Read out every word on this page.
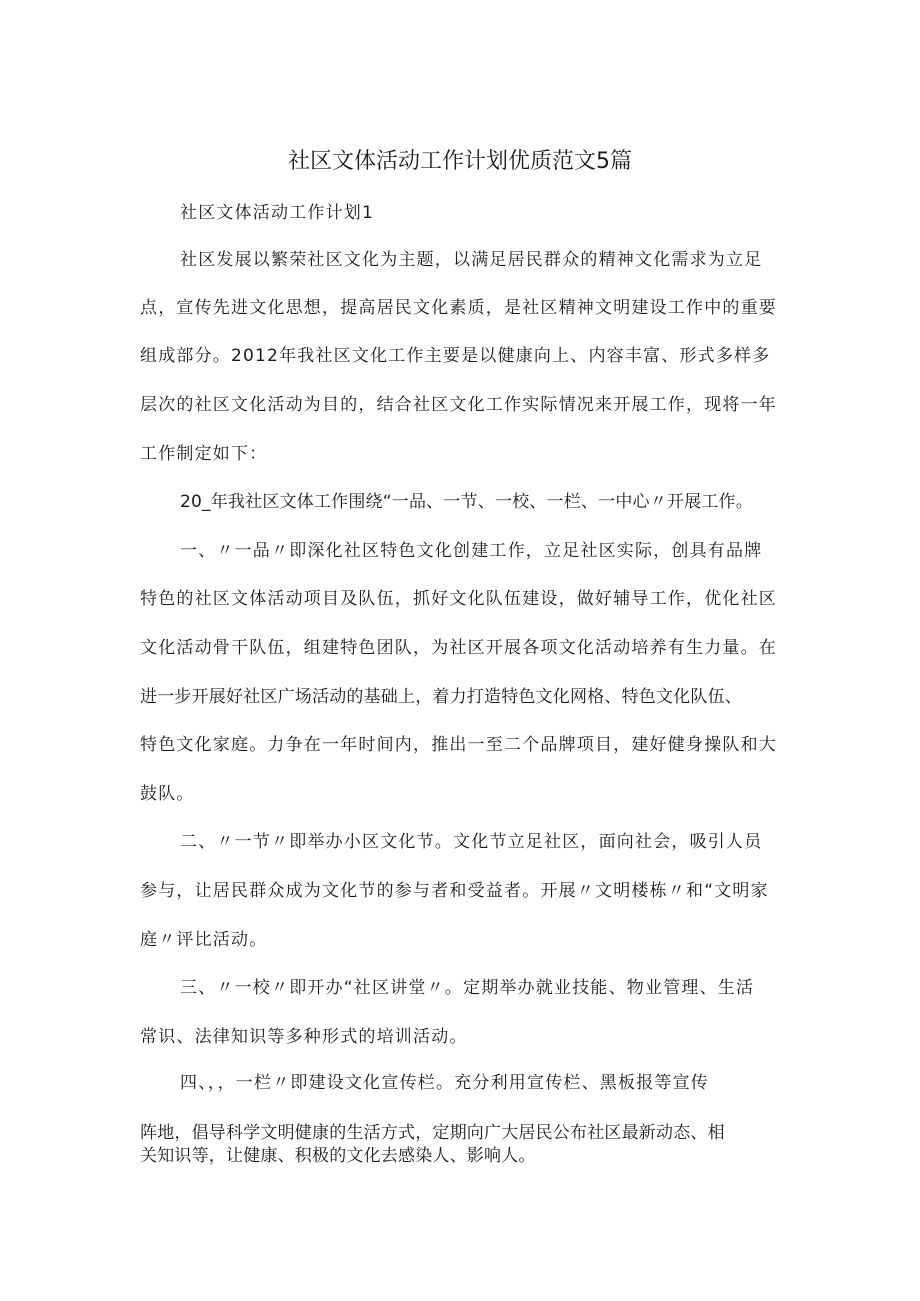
社区文体活动工作计划优质范文5篇
社区文体活动工作计划1
社区发展以繁荣社区文化为主题，以满足居民群众的精神文化需求为立足
点，宣传先进文化思想，提高居民文化素质，是社区精神文明建设工作中的重要
组成部分。2012年我社区文化工作主要是以健康向上、内容丰富、形式多样多
层次的社区文化活动为目的，结合社区文化工作实际情况来开展工作，现将一年
工作制定如下：
20_年我社区文体工作围绕“一品、一节、一校、一栏、一中心〃开展工作。
一、〃一品〃即深化社区特色文化创建工作，立足社区实际，创具有品牌
特色的社区文体活动项目及队伍，抓好文化队伍建设，做好辅导工作，优化社区
文化活动骨干队伍，组建特色团队，为社区开展各项文化活动培养有生力量。在
进一步开展好社区广场活动的基础上，着力打造特色文化网格、特色文化队伍、
特色文化家庭。力争在一年时间内，推出一至二个品牌项目，建好健身操队和大
鼓队。
二、〃一节〃即举办小区文化节。文化节立足社区，面向社会，吸引人员
参与，让居民群众成为文化节的参与者和受益者。开展〃文明楼栋〃和“文明家
庭〃评比活动。
三、〃一校〃即开办“社区讲堂〃。定期举办就业技能、物业管理、生活
常识、法律知识等多种形式的培训活动。
四、，，一栏〃即建设文化宣传栏。充分利用宣传栏、黑板报等宣传
阵地，倡导科学文明健康的生活方式，定期向广大居民公布社区最新动态、相
关知识等，让健康、积极的文化去感染人、影响人。
